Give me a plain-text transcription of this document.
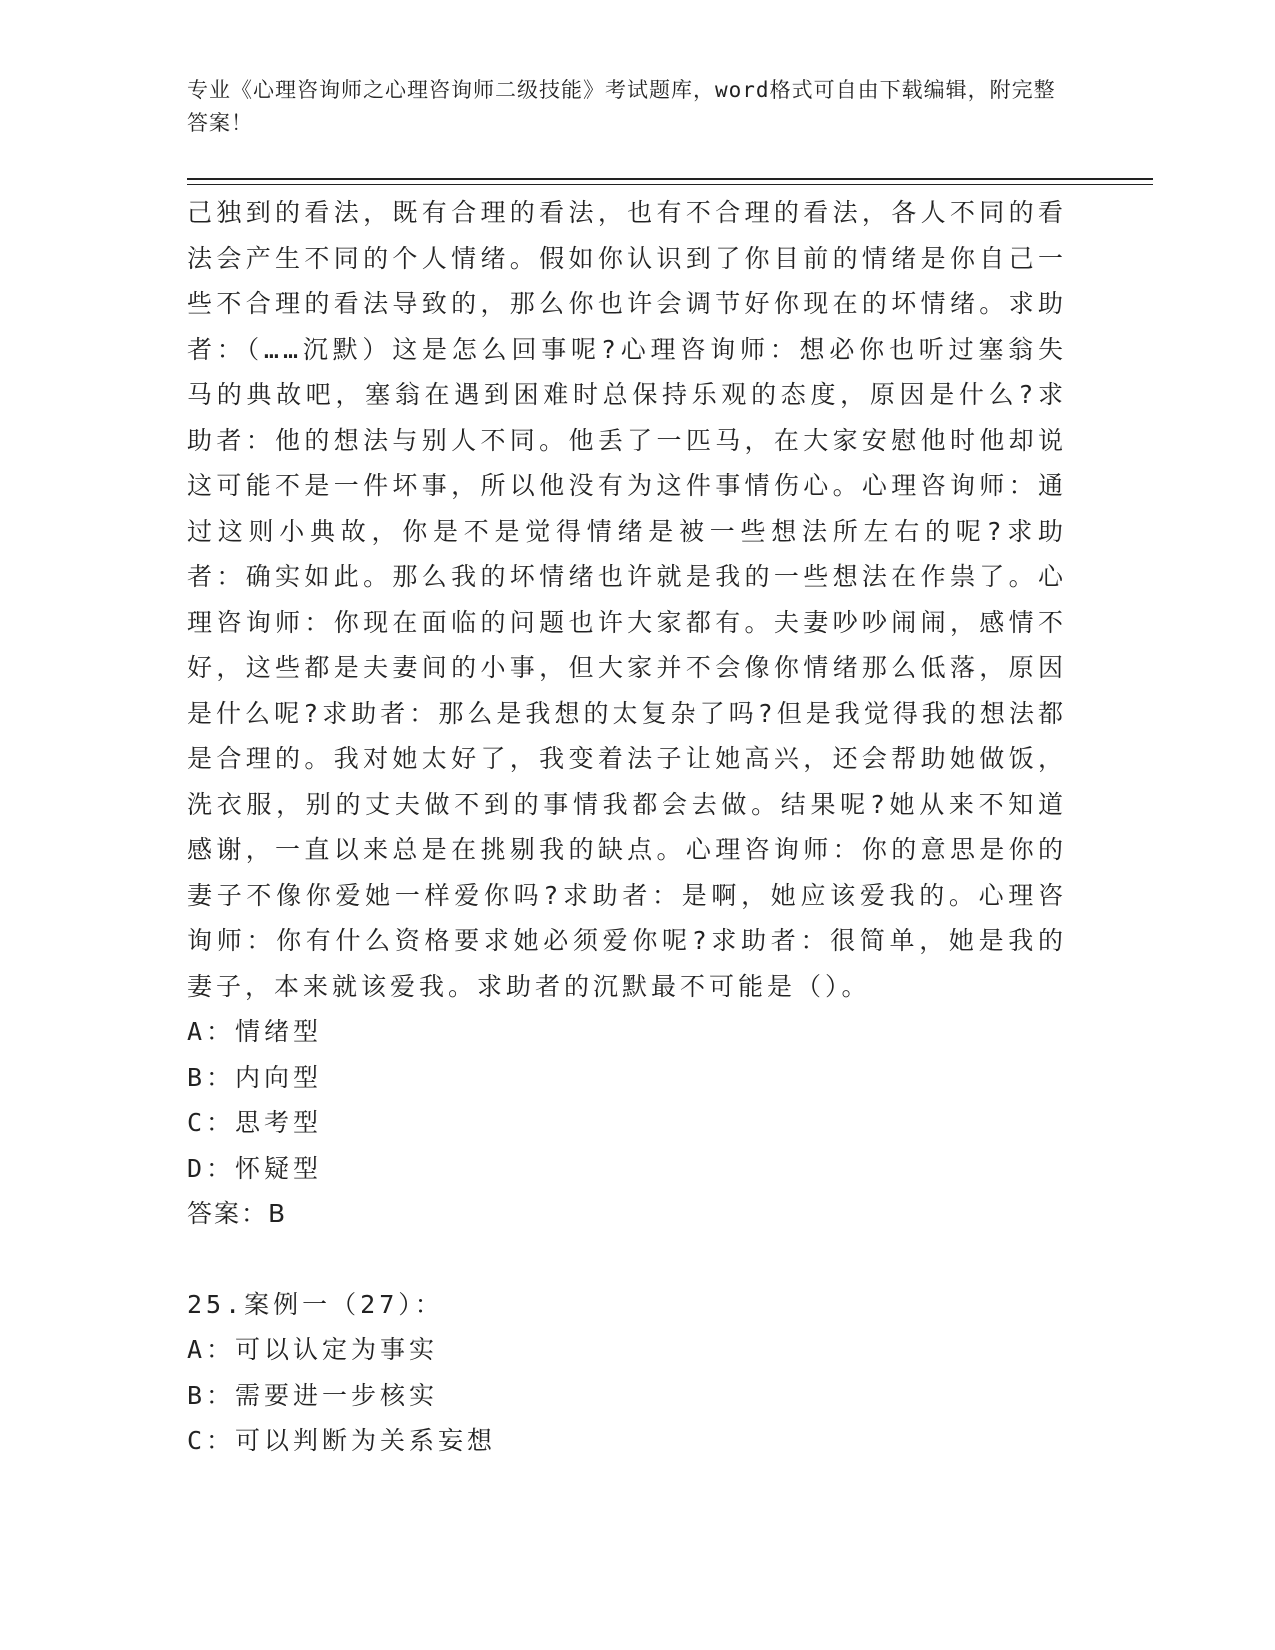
专业《心理咨询师之心理咨询师二级技能》考试题库，word格式可自由下载编辑，附完整答案！

己独到的看法，既有合理的看法，也有不合理的看法，各人不同的看法会产生不同的个人情绪。假如你认识到了你目前的情绪是你自己一些不合理的看法导致的，那么你也许会调节好你现在的坏情绪。求助者：（……沉默）这是怎么回事呢?心理咨询师：想必你也听过塞翁失马的典故吧，塞翁在遇到困难时总保持乐观的态度，原因是什么?求助者：他的想法与别人不同。他丢了一匹马，在大家安慰他时他却说这可能不是一件坏事，所以他没有为这件事情伤心。心理咨询师：通过这则小典故，你是不是觉得情绪是被一些想法所左右的呢?求助者：确实如此。那么我的坏情绪也许就是我的一些想法在作祟了。心理咨询师：你现在面临的问题也许大家都有。夫妻吵吵闹闹，感情不好，这些都是夫妻间的小事，但大家并不会像你情绪那么低落，原因是什么呢?求助者：那么是我想的太复杂了吗?但是我觉得我的想法都是合理的。我对她太好了，我变着法子让她高兴，还会帮助她做饭，洗衣服，别的丈夫做不到的事情我都会去做。结果呢?她从来不知道感谢，一直以来总是在挑剔我的缺点。心理咨询师：你的意思是你的妻子不像你爱她一样爱你吗?求助者：是啊，她应该爱我的。心理咨询师：你有什么资格要求她必须爱你呢?求助者：很简单，她是我的妻子，本来就该爱我。求助者的沉默最不可能是（）。

A：情绪型

B：内向型

C：思考型

D：怀疑型

答案：B

25.案例一（27）：

A：可以认定为事实

B：需要进一步核实

C：可以判断为关系妄想
